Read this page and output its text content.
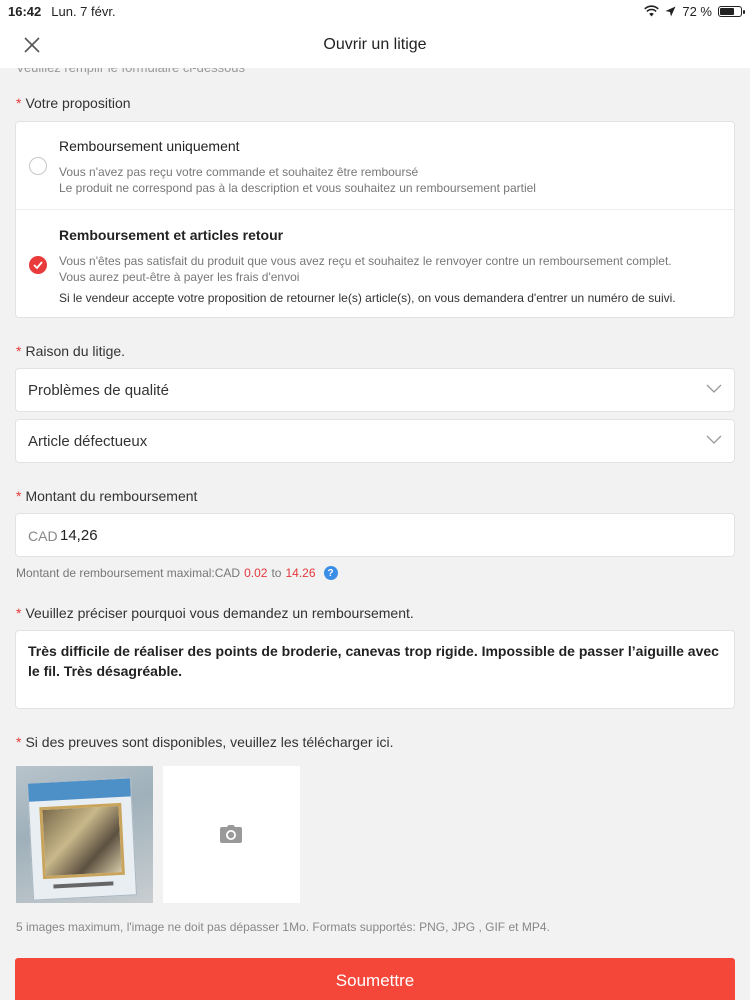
16:42 Lun. 7 févr.	72 %
Ouvrir un litige
* Votre proposition
Remboursement uniquement
Vous n'avez pas reçu votre commande et souhaitez être remboursé
Le produit ne correspond pas à la description et vous souhaitez un remboursement partiel
Remboursement et articles retour
Vous n'êtes pas satisfait du produit que vous avez reçu et souhaitez le renvoyer contre un remboursement complet.
Vous aurez peut-être à payer les frais d'envoi
Si le vendeur accepte votre proposition de retourner le(s) article(s), on vous demandera d'entrer un numéro de suivi.
* Raison du litige.
Problèmes de qualité
Article défectueux
* Montant du remboursement
CAD 14,26
Montant de remboursement maximal:CAD 0.02 to 14.26	?
* Veuillez préciser pourquoi vous demandez un remboursement.
Très difficile de réaliser des points de broderie, canevas trop rigide. Impossible de passer l’aiguille avec le fil. Très désagréable.
* Si des preuves sont disponibles, veuillez les télécharger ici.
5 images maximum, l'image ne doit pas dépasser 1Mo. Formats supportés: PNG, JPG , GIF et MP4.
Soumettre
